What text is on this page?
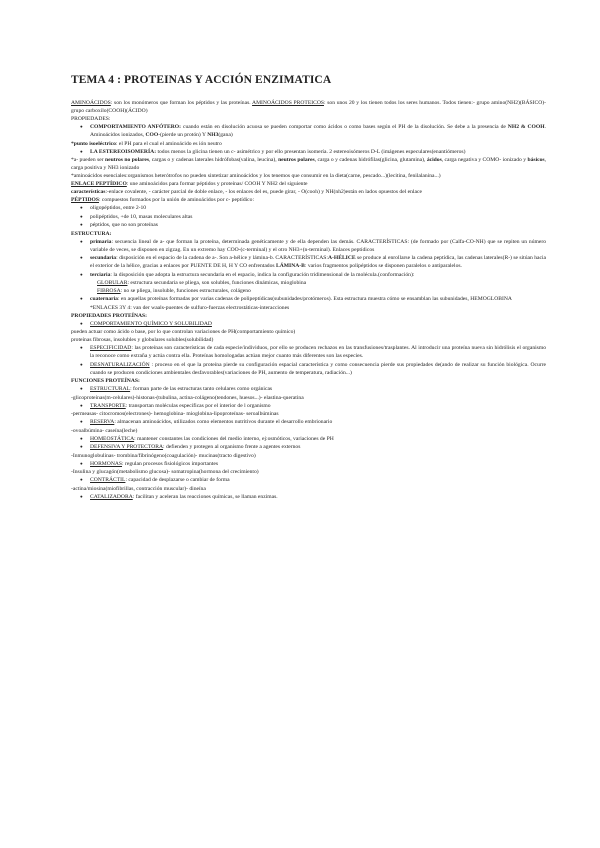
TEMA 4 : PROTEINAS Y ACCIÓN ENZIMATICA

AMINOÁCIDOS: son los monómeros que forman los péptidos y las proteínas. AMINOÁCIDOS PROTEICOS: son unos 20 y los tienen todos los seres humanos. Todos tienen:- grupo amino(NH2)(BÁSICO)- grupo carboxilo(COOH)(ÁCIDO)

PROPIEDADES:

● COMPORTAMIENTO ANFÓTERO: cuando están en disolución acuosa se pueden comportar como ácidos o como bases según el PH de la disolución. Se debe a la presencia de NH2 & COOH. Aminoácidos ionizados, COO-(pierde un protón) Y NH3(gana)

*punto isoeléctrico: el PH para el cual el aminoácido es ión neutro

● LA ESTEREOISOMERÍA: todos menos la glicina tienen un c- asimétrico y por ello presentan isomería. 2 estereoisómeros D-L (imágenes especulares(enantiómeros)

*a- pueden ser neutros no polares, cargas o y cadenas laterales hidrófobas(valina, leucina), neutros polares, carga o y cadenas hidrófilas(glicina, glutamina), ácidos, carga negativa y COMO- ionizado y básicos, carga positiva y NH3 ionizado

*aminoácidos esenciales:organismos heterótrofos no pueden sintetizar aminoácidos y los tenemos que consumir en la dieta(carne, pescado...)(lecitina, fenilalanina...)

ENLACE PEPTÍDICO: une aminoácidos para formar péptidos y proteínas/ COOH Y NH2 del siguiente

características:-enlace covalente, - carácter parcial de doble enlace, - los enlaces del es, puede girar, - O(cooh) y NH(nh2)están en lados opuestos del enlace

PÉPTIDOS: compuestos formados por la unión de aminoácidos por c- peptídico:

● oligopéptidos, entre 2-10
● polipéptidos, +de 10, masas moleculares altas
● péptidos, que no son proteínas

ESTRUCTURA:

● primaria: secuencia lineal de a- que forman la proteína, determinada genéticamente y de ella dependen las demás. CARACTERÍSTICAS: (de formado por (Calfa-CO-NH) que se repiten un número variable de veces, se disponen en zigzag. En un extremo hay COO-(c-terminal) y el otro NH3+(n-terminal). Enlaces peptídicos
● secundaria: disposición en el espacio de la cadena de a-. Son a-hélice y lámina-b. CARACTERÍSTICAS:A-HÉLICE se produce al enrollarse la cadena peptídica, las cadenas laterales(R-) se sitúan hacia el exterior de la hélice, gracias a enlaces por PUENTE DE H, H Y CO enfrentados LÁMINA-B: varios fragmentos polipéptidos se disponen paralelos o antiparalelos.
● terciaria: la disposición que adopta la estructura secundaria en el espacio, indica la configuración tridimensional de la molécula.(conformación):

GLOBULAR: estructura secundaria se pliega, son solubles, funciones dinámicas, mioglobina

FIBROSA: no se pliega, insoluble, funciones estructurales, colágeno

● cuaternaria: en aquellas proteínas formadas por varias cadenas de polipeptídicas(subunidades/protómeros). Esta estructura muestra cómo se ensamblan las subunidades, HEMOGLOBINA

*ENLACES 3Y 4: van der waals-puentes de sulfuro-fuerzas electrostáticas-interacciones

PROPIEDADES PROTEÍNAS:

● COMPORTAMIENTO QUÍMICO Y SOLUBILIDAD

pueden actuar como ácido o base, por lo que controlan variaciones de PH(comportamiento químico)

proteínas fibrosas, insolubles y globulares solubles(solubilidad)

● ESPECIFICIDAD: las proteínas son características de cada especie/individuos, por ello se producen rechazos en las transfusiones/trasplantes. Al introducir una proteína nueva sin hidrólisis el organismo la reconoce como extraña y actúa contra ella. Proteínas homologadas actúan mejor cuanto más diferentes son las especies.
● DESNATURALIZACIÓN : proceso en el que la proteína pierde su configuración espacial característica y como consecuencia pierde sus propiedades de(ando de realizar su función biológica. Ocurre cuando se producen condiciones ambientales desfavorables(variaciones de PH, aumento de temperatura, radiación...)

FUNCIONES PROTEÍNAS:

● ESTRUCTURAL: forman parte de las estructuras tanto celulares como orgánicas

-glicoproteínas(m-celulares)-histonas-(tubulina, actina-colágeno(tendones, huesos...)- elastina-queratina

● TRANSPORTE: transportan moléculas específicas por el interior de l organismo

-permeasas- citocromos(electrones)- hemoglobina- mioglobina-lipoproteínas- seroalbúminas

● RESERVA: almacenan aminoácidos, utilizados como elementos nutritivos durante el desarrollo embrionario

-ovoalbúmina- caseína(leche)

● HOMEOSTÁTICA: mantener constantes las condiciones del medio interno, ej:osmóticos, variaciones de PH
● DEFENSIVA Y PROTECTORA: defienden y protegen al organismo frente a agentes externos

-Inmunoglobulinas- trombina/fibrinógeno(coagulación)- mucinas(tracto digestivo)

● HORMONAS: regulan procesos fisiológicos importantes

-Insulina y glucagón(metabolismo glucosa)- somatropina(hormona del crecimiento)

● CONTRÁCTIL: capacidad de desplazarse o cambiar de forma

-actina/miosina(miofibrillas, contracción muscular)- dineína

● CATALIZADORA: facilitan y aceleran las reacciones químicas, se llaman enzimas.
